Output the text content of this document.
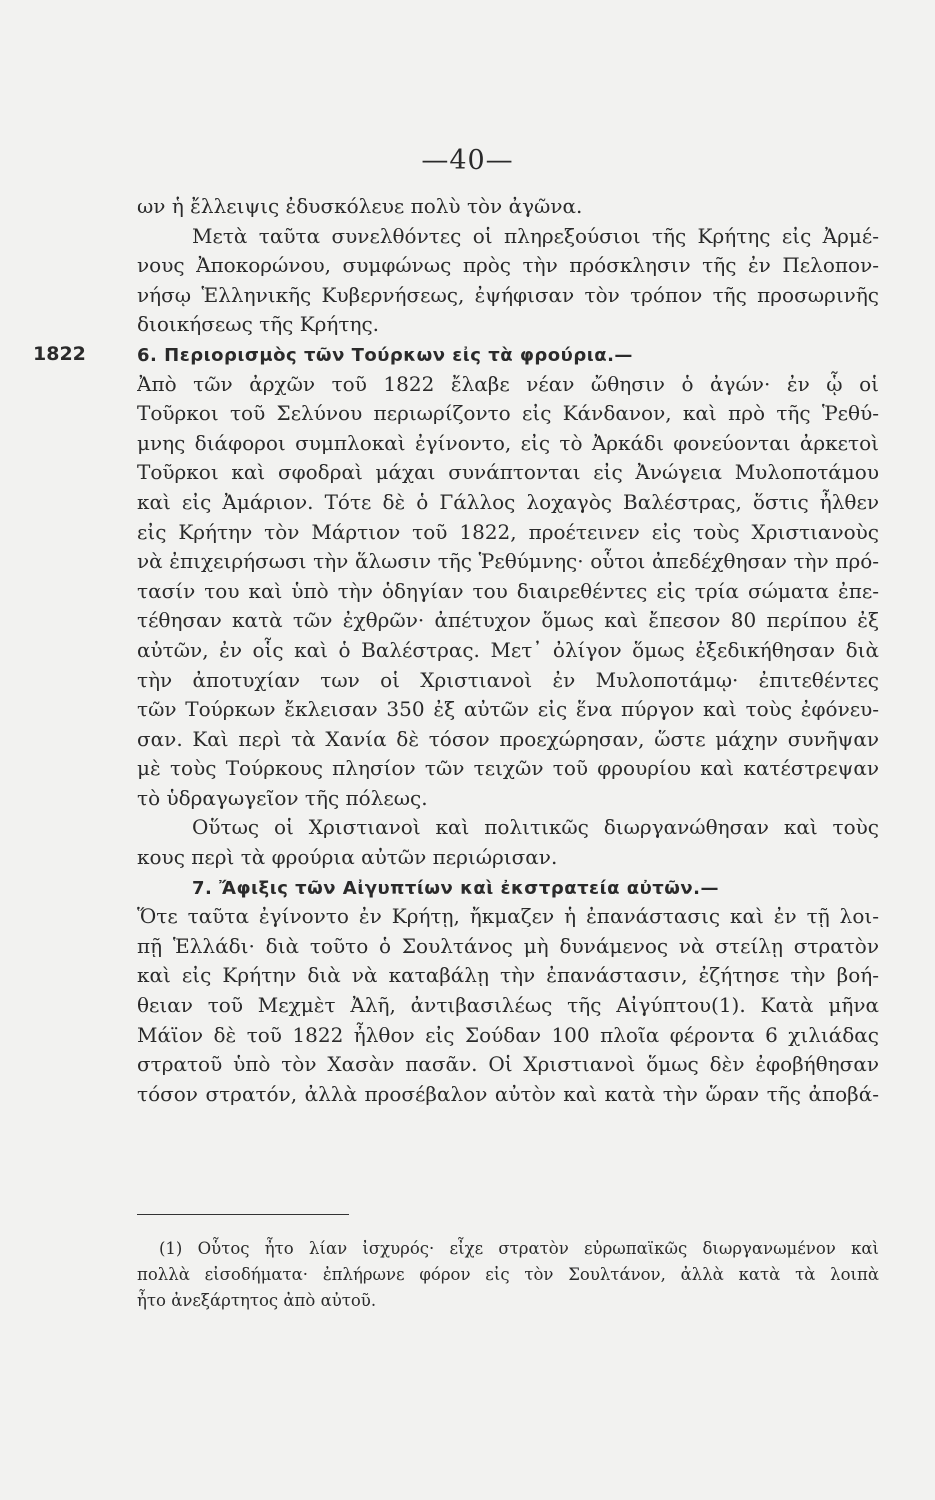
—40—
ων ἡ ἔλλειψις ἐδυσκόλευε πολὺ τὸν ἀγῶνα.
Μετὰ ταῦτα συνελθόντες οἱ πληρεξούσιοι τῆς Κρήτης εἰς Ἀρμέ-
νους Ἀποκορώνου, συμφώνως πρὸς τὴν πρόσκλησιν τῆς ἐν Πελοπον-
νήσῳ Ἑλληνικῆς Κυβερνήσεως, ἐψήφισαν τὸν τρόπον τῆς προσωρινῆς
διοικήσεως τῆς Κρήτης.
1822	6. Περιορισμὸς τῶν Τούρκων εἰς τὰ φρούρια.—
Ἀπὸ τῶν ἀρχῶν τοῦ 1822 ἔλαβε νέαν ὤθησιν ὁ ἀγών· ἐν ᾧ οἱ
Τοῦρκοι τοῦ Σελύνου περιωρίζοντο εἰς Κάνδανον, καὶ πρὸ τῆς Ῥεθύ-
μνης διάφοροι συμπλοκαὶ ἐγίνοντο, εἰς τὸ Ἀρκάδι φονεύονται ἀρκετοὶ
Τοῦρκοι καὶ σφοδραὶ μάχαι συνάπτονται εἰς Ἀνώγεια Μυλοποτάμου
καὶ εἰς Ἀμάριον. Τότε δὲ ὁ Γάλλος λοχαγὸς Βαλέστρας, ὅστις ἦλθεν
εἰς Κρήτην τὸν Μάρτιον τοῦ 1822, προέτεινεν εἰς τοὺς Χριστιανοὺς
νὰ ἐπιχειρήσωσι τὴν ἅλωσιν τῆς Ῥεθύμνης· οὗτοι ἀπεδέχθησαν τὴν πρό-
τασίν του καὶ ὑπὸ τὴν ὁδηγίαν του διαιρεθέντες εἰς τρία σώματα ἐπε-
τέθησαν κατὰ τῶν ἐχθρῶν· ἀπέτυχον ὅμως καὶ ἔπεσον 80 περίπου ἐξ
αὐτῶν, ἐν οἷς καὶ ὁ Βαλέστρας. Μετ᾿ ὀλίγον ὅμως ἐξεδικήθησαν διὰ
τὴν ἀποτυχίαν των οἱ Χριστιανοὶ ἐν Μυλοποτάμῳ· ἐπιτεθέντες
τῶν Τούρκων ἔκλεισαν 350 ἐξ αὐτῶν εἰς ἕνα πύργον καὶ τοὺς ἐφόνευ-
σαν. Καὶ περὶ τὰ Χανία δὲ τόσον προεχώρησαν, ὥστε μάχην συνῆψαν
μὲ τοὺς Τούρκους πλησίον τῶν τειχῶν τοῦ φρουρίου καὶ κατέστρεψαν
τὸ ὑδραγωγεῖον τῆς πόλεως.
Οὕτως οἱ Χριστιανοὶ καὶ πολιτικῶς διωργανώθησαν καὶ τοὺς
κους περὶ τὰ φρούρια αὐτῶν περιώρισαν.
7. Ἄφιξις τῶν Αἰγυπτίων καὶ ἐκστρατεία αὐτῶν.—
Ὅτε ταῦτα ἐγίνοντο ἐν Κρήτῃ, ἤκμαζεν ἡ ἐπανάστασις καὶ ἐν τῇ λοι-
πῇ Ἑλλάδι· διὰ τοῦτο ὁ Σουλτάνος μὴ δυνάμενος νὰ στείλῃ στρατὸν
καὶ εἰς Κρήτην διὰ νὰ καταβάλῃ τὴν ἐπανάστασιν, ἐζήτησε τὴν βοή-
θειαν τοῦ Μεχμὲτ Ἀλῆ, ἀντιβασιλέως τῆς Αἰγύπτου(1). Κατὰ μῆνα
Μάϊον δὲ τοῦ 1822 ἦλθον εἰς Σούδαν 100 πλοῖα φέροντα 6 χιλιάδας
στρατοῦ ὑπὸ τὸν Χασὰν πασᾶν. Οἱ Χριστιανοὶ ὅμως δὲν ἐφοβήθησαν
τόσον στρατόν, ἀλλὰ προσέβαλον αὐτὸν καὶ κατὰ τὴν ὥραν τῆς ἀποβά-
(1) Οὗτος ἦτο λίαν ἰσχυρός· εἶχε στρατὸν εὐρωπαϊκῶς διωργανωμένον καὶ
πολλὰ εἰσοδήματα· ἐπλήρωνε φόρον εἰς τὸν Σουλτάνον, ἀλλὰ κατὰ τὰ λοιπὰ
ἦτο ἀνεξάρτητος ἀπὸ αὐτοῦ.
